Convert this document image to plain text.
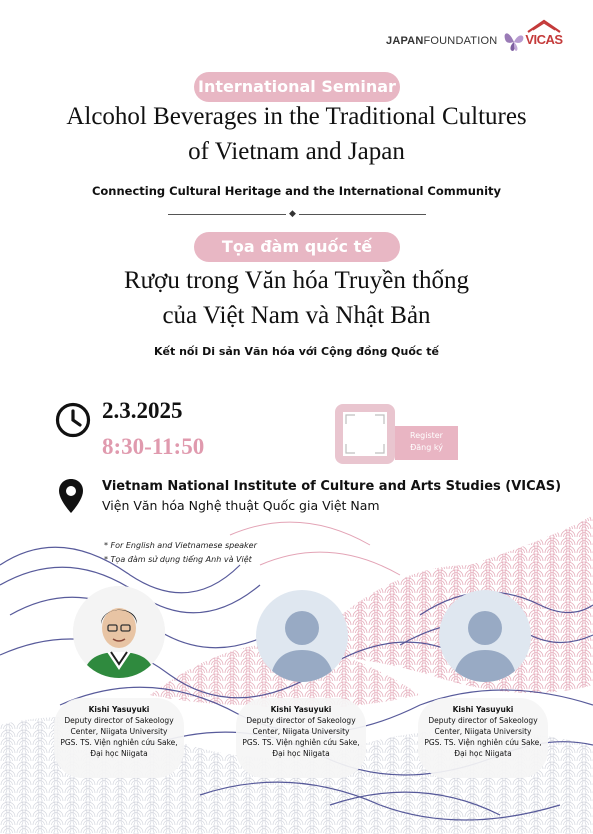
JAPANFOUNDATION VICAS
International Seminar
Alcohol Beverages in the Traditional Cultures
of Vietnam and Japan
Connecting Cultural Heritage and the International Community
◆
Tọa đàm quốc tế
Rượu trong Văn hóa Truyền thống
của Việt Nam và Nhật Bản
Kết nối Di sản Văn hóa với Cộng đồng Quốc tế
2.3.2025
8:30-11:50	Register
Đăng ký
Vietnam National Institute of Culture and Arts Studies (VICAS)
Viện Văn hóa Nghệ thuật Quốc gia Việt Nam
* For English and Vietnamese speaker
* Tọa đàm sử dụng tiếng Anh và Việt
Kishi Yasuyuki
Deputy director of Sakeology
Center, Niigata University
PGS. TS. Viện nghiên cứu Sake,
Đại học Niigata
Kishi Yasuyuki
Deputy director of Sakeology
Center, Niigata University
PGS. TS. Viện nghiên cứu Sake,
Đại học Niigata
Kishi Yasuyuki
Deputy director of Sakeology
Center, Niigata University
PGS. TS. Viện nghiên cứu Sake,
Đại học Niigata
